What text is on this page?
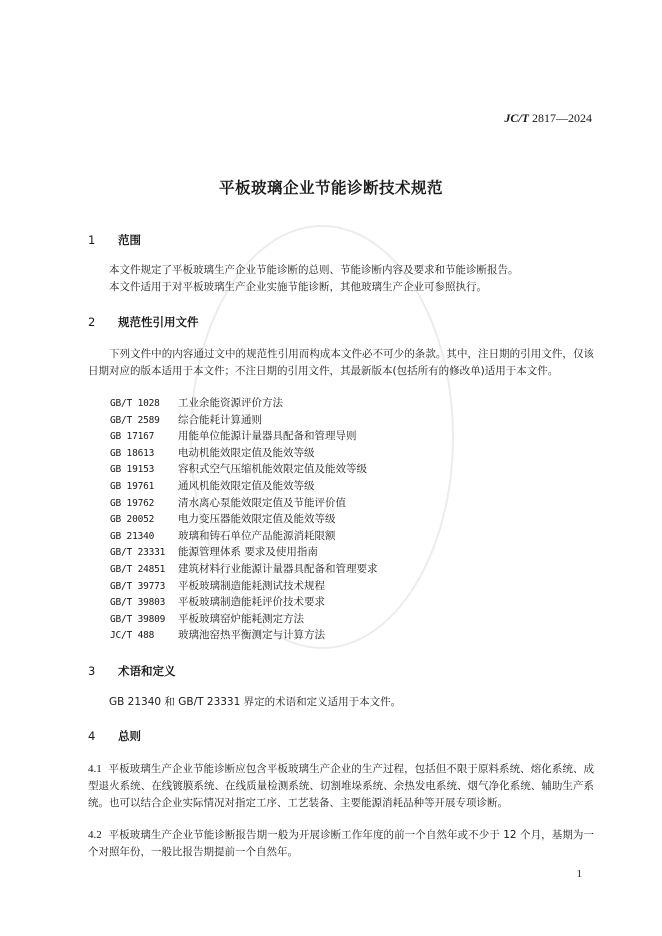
JC/T 2817—2024
平板玻璃企业节能诊断技术规范
1 范围
本文件规定了平板玻璃生产企业节能诊断的总则、节能诊断内容及要求和节能诊断报告。
本文件适用于对平板玻璃生产企业实施节能诊断，其他玻璃生产企业可参照执行。
2 规范性引用文件
下列文件中的内容通过文中的规范性引用而构成本文件必不可少的条款。其中，注日期的引用文件，仅该日期对应的版本适用于本文件；不注日期的引用文件，其最新版本(包括所有的修改单)适用于本文件。
GB/T 1028 工业余能资源评价方法
GB/T 2589 综合能耗计算通则
GB 17167 用能单位能源计量器具配备和管理导则
GB 18613 电动机能效限定值及能效等级
GB 19153 容积式空气压缩机能效限定值及能效等级
GB 19761 通风机能效限定值及能效等级
GB 19762 清水离心泵能效限定值及节能评价值
GB 20052 电力变压器能效限定值及能效等级
GB 21340 玻璃和铸石单位产品能源消耗限额
GB/T 23331 能源管理体系 要求及使用指南
GB/T 24851 建筑材料行业能源计量器具配备和管理要求
GB/T 39773 平板玻璃制造能耗测试技术规程
GB/T 39803 平板玻璃制造能耗评价技术要求
GB/T 39809 平板玻璃窑炉能耗测定方法
JC/T 488 玻璃池窑热平衡测定与计算方法
3 术语和定义
GB 21340 和 GB/T 23331 界定的术语和定义适用于本文件。
4 总则
4.1 平板玻璃生产企业节能诊断应包含平板玻璃生产企业的生产过程，包括但不限于原料系统、熔化系统、成型退火系统、在线镀膜系统、在线质量检测系统、切割堆垛系统、余热发电系统、烟气净化系统、辅助生产系统。也可以结合企业实际情况对指定工序、工艺装备、主要能源消耗品种等开展专项诊断。
4.2 平板玻璃生产企业节能诊断报告期一般为开展诊断工作年度的前一个自然年或不少于 12 个月，基期为一个对照年份，一般比报告期提前一个自然年。
1
